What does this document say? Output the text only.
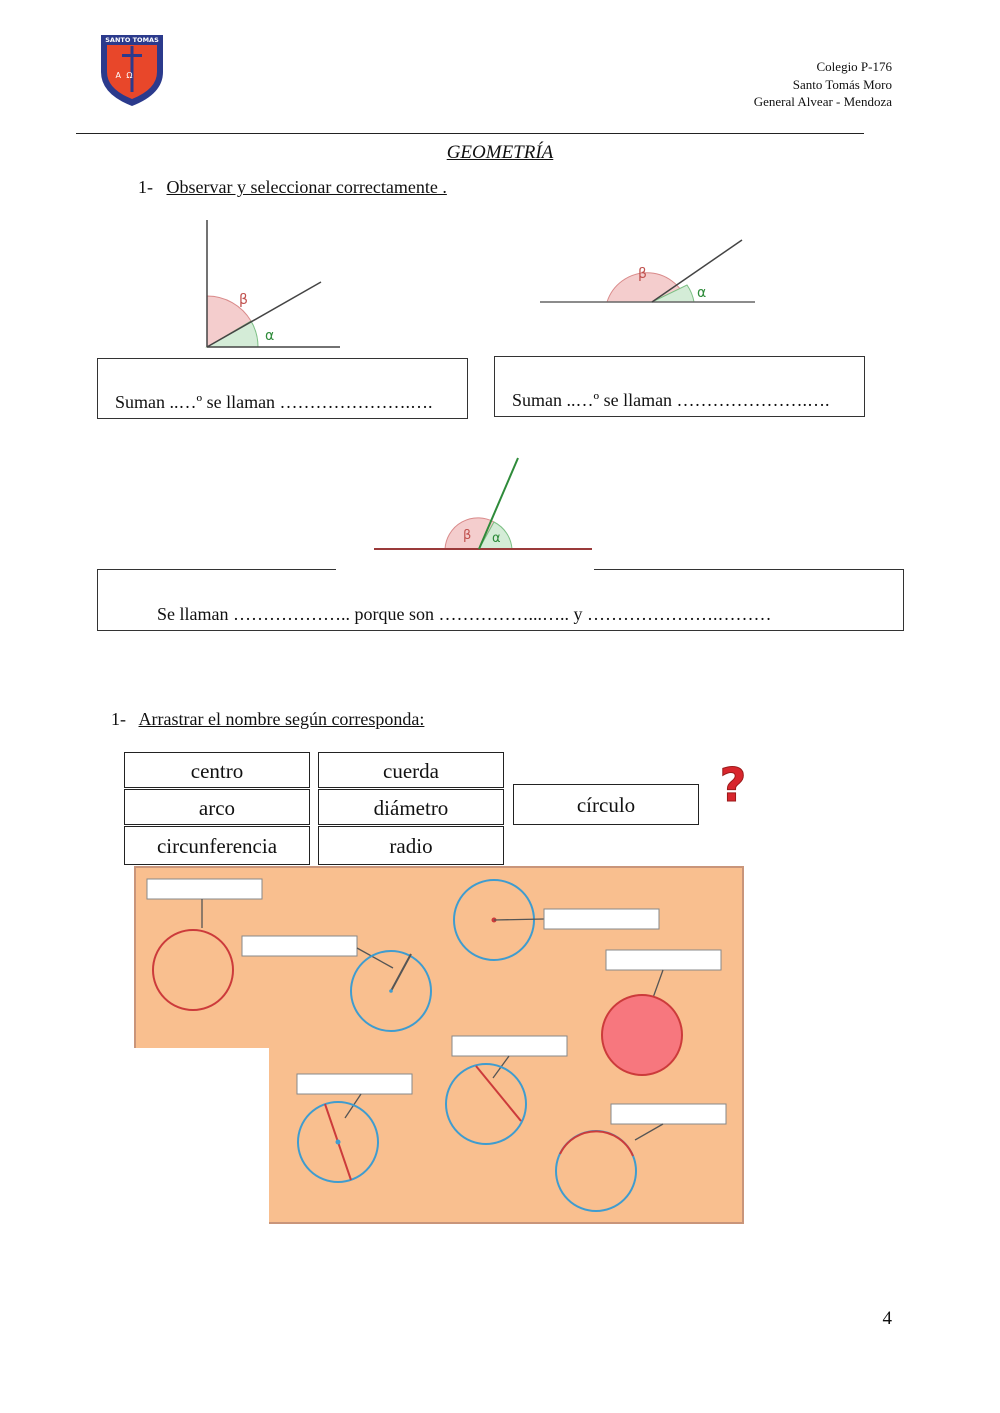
SANTO TOMAS
Α Ω
Colegio P-176
Santo Tomás Moro
General Alvear - Mendoza
GEOMETRÍA
1- Observar y seleccionar correctamente .
β
α
β
α
Suman ..…º se llaman ………………….….	Suman ..…º se llaman ………………….….
β α
Se llaman ……………….. porque son ……………...….. y ………………….………
1- Arrastrar el nombre según corresponda:
centro	cuerda
arco	diámetro
circunferencia	radio
círculo	?
4
